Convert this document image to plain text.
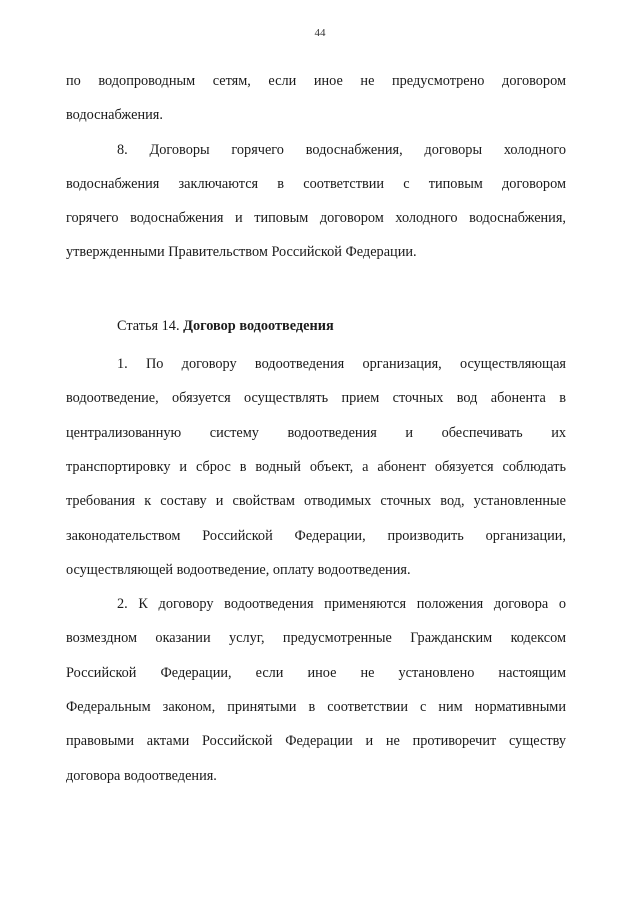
44

по водопроводным сетям, если иное не предусмотрено договором
водоснабжения.

8. Договоры горячего водоснабжения, договоры холодного
водоснабжения заключаются в соответствии с типовым договором
горячего водоснабжения и типовым договором холодного водоснабжения,
утвержденными Правительством Российской Федерации.

Статья 14. Договор водоотведения

1. По договору водоотведения организация, осуществляющая
водоотведение, обязуется осуществлять прием сточных вод абонента в
централизованную систему водоотведения и обеспечивать их
транспортировку и сброс в водный объект, а абонент обязуется соблюдать
требования к составу и свойствам отводимых сточных вод, установленные
законодательством Российской Федерации, производить организации,
осуществляющей водоотведение, оплату водоотведения.

2. К договору водоотведения применяются положения договора о
возмездном оказании услуг, предусмотренные Гражданским кодексом
Российской Федерации, если иное не установлено настоящим
Федеральным законом, принятыми в соответствии с ним нормативными
правовыми актами Российской Федерации и не противоречит существу
договора водоотведения.
